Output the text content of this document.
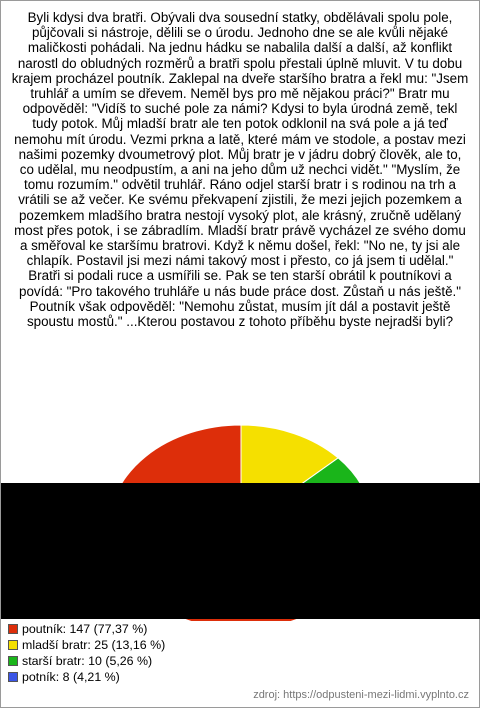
Byli kdysi dva bratři. Obývali dva sousední statky, obdělávali spolu pole, půjčovali si nástroje, dělili se o úrodu. Jednoho dne se ale kvůli nějaké maličkosti pohádali. Na jednu hádku se nabalila další a další, až konflikt narostl do obludných rozměrů a bratři spolu přestali úplně mluvit. V tu dobu krajem procházel poutník. Zaklepal na dveře staršího bratra a řekl mu: "Jsem truhlář a umím se dřevem. Neměl bys pro mě nějakou práci?" Bratr mu odpověděl: "Vidíš to suché pole za námi? Kdysi to byla úrodná země, tekl tudy potok. Můj mladší bratr ale ten potok odklonil na svá pole a já teď nemohu mít úrodu. Vezmi prkna a latě, které mám ve stodole, a postav mezi našimi pozemky dvoumetrový plot. Můj bratr je v jádru dobrý člověk, ale to, co udělal, mu neodpustím, a ani na jeho dům už nechci vidět." "Myslím, že tomu rozumím." odvětil truhlář. Ráno odjel starší bratr i s rodinou na trh a vrátili se až večer. Ke svému překvapení zjistili, že mezi jejich pozemkem a pozemkem mladšího bratra nestojí vysoký plot, ale krásný, zručně udělaný most přes potok, i se zábradlím. Mladší bratr právě vycházel ze svého domu a směřoval ke staršímu bratrovi. Když k němu došel, řekl: "No ne, ty jsi ale chlapík. Postavil jsi mezi námi takový most i přesto, co já jsem ti udělal." Bratři si podali ruce a usmířili se. Pak se ten starší obrátil k poutníkovi a povídá: "Pro takového truhláře u nás bude práce dost. Zůstaň u nás ještě." Poutník však odpověděl: "Nemohu zůstat, musím jít dál a postavit ještě spoustu mostů." ...Kterou postavou z tohoto příběhu byste nejradši byli?
poutník: 147 (77,37 %)
mladší bratr: 25 (13,16 %)
starší bratr: 10 (5,26 %)
potník: 8 (4,21 %)
zdroj: https://odpusteni-mezi-lidmi.vyplnto.cz
